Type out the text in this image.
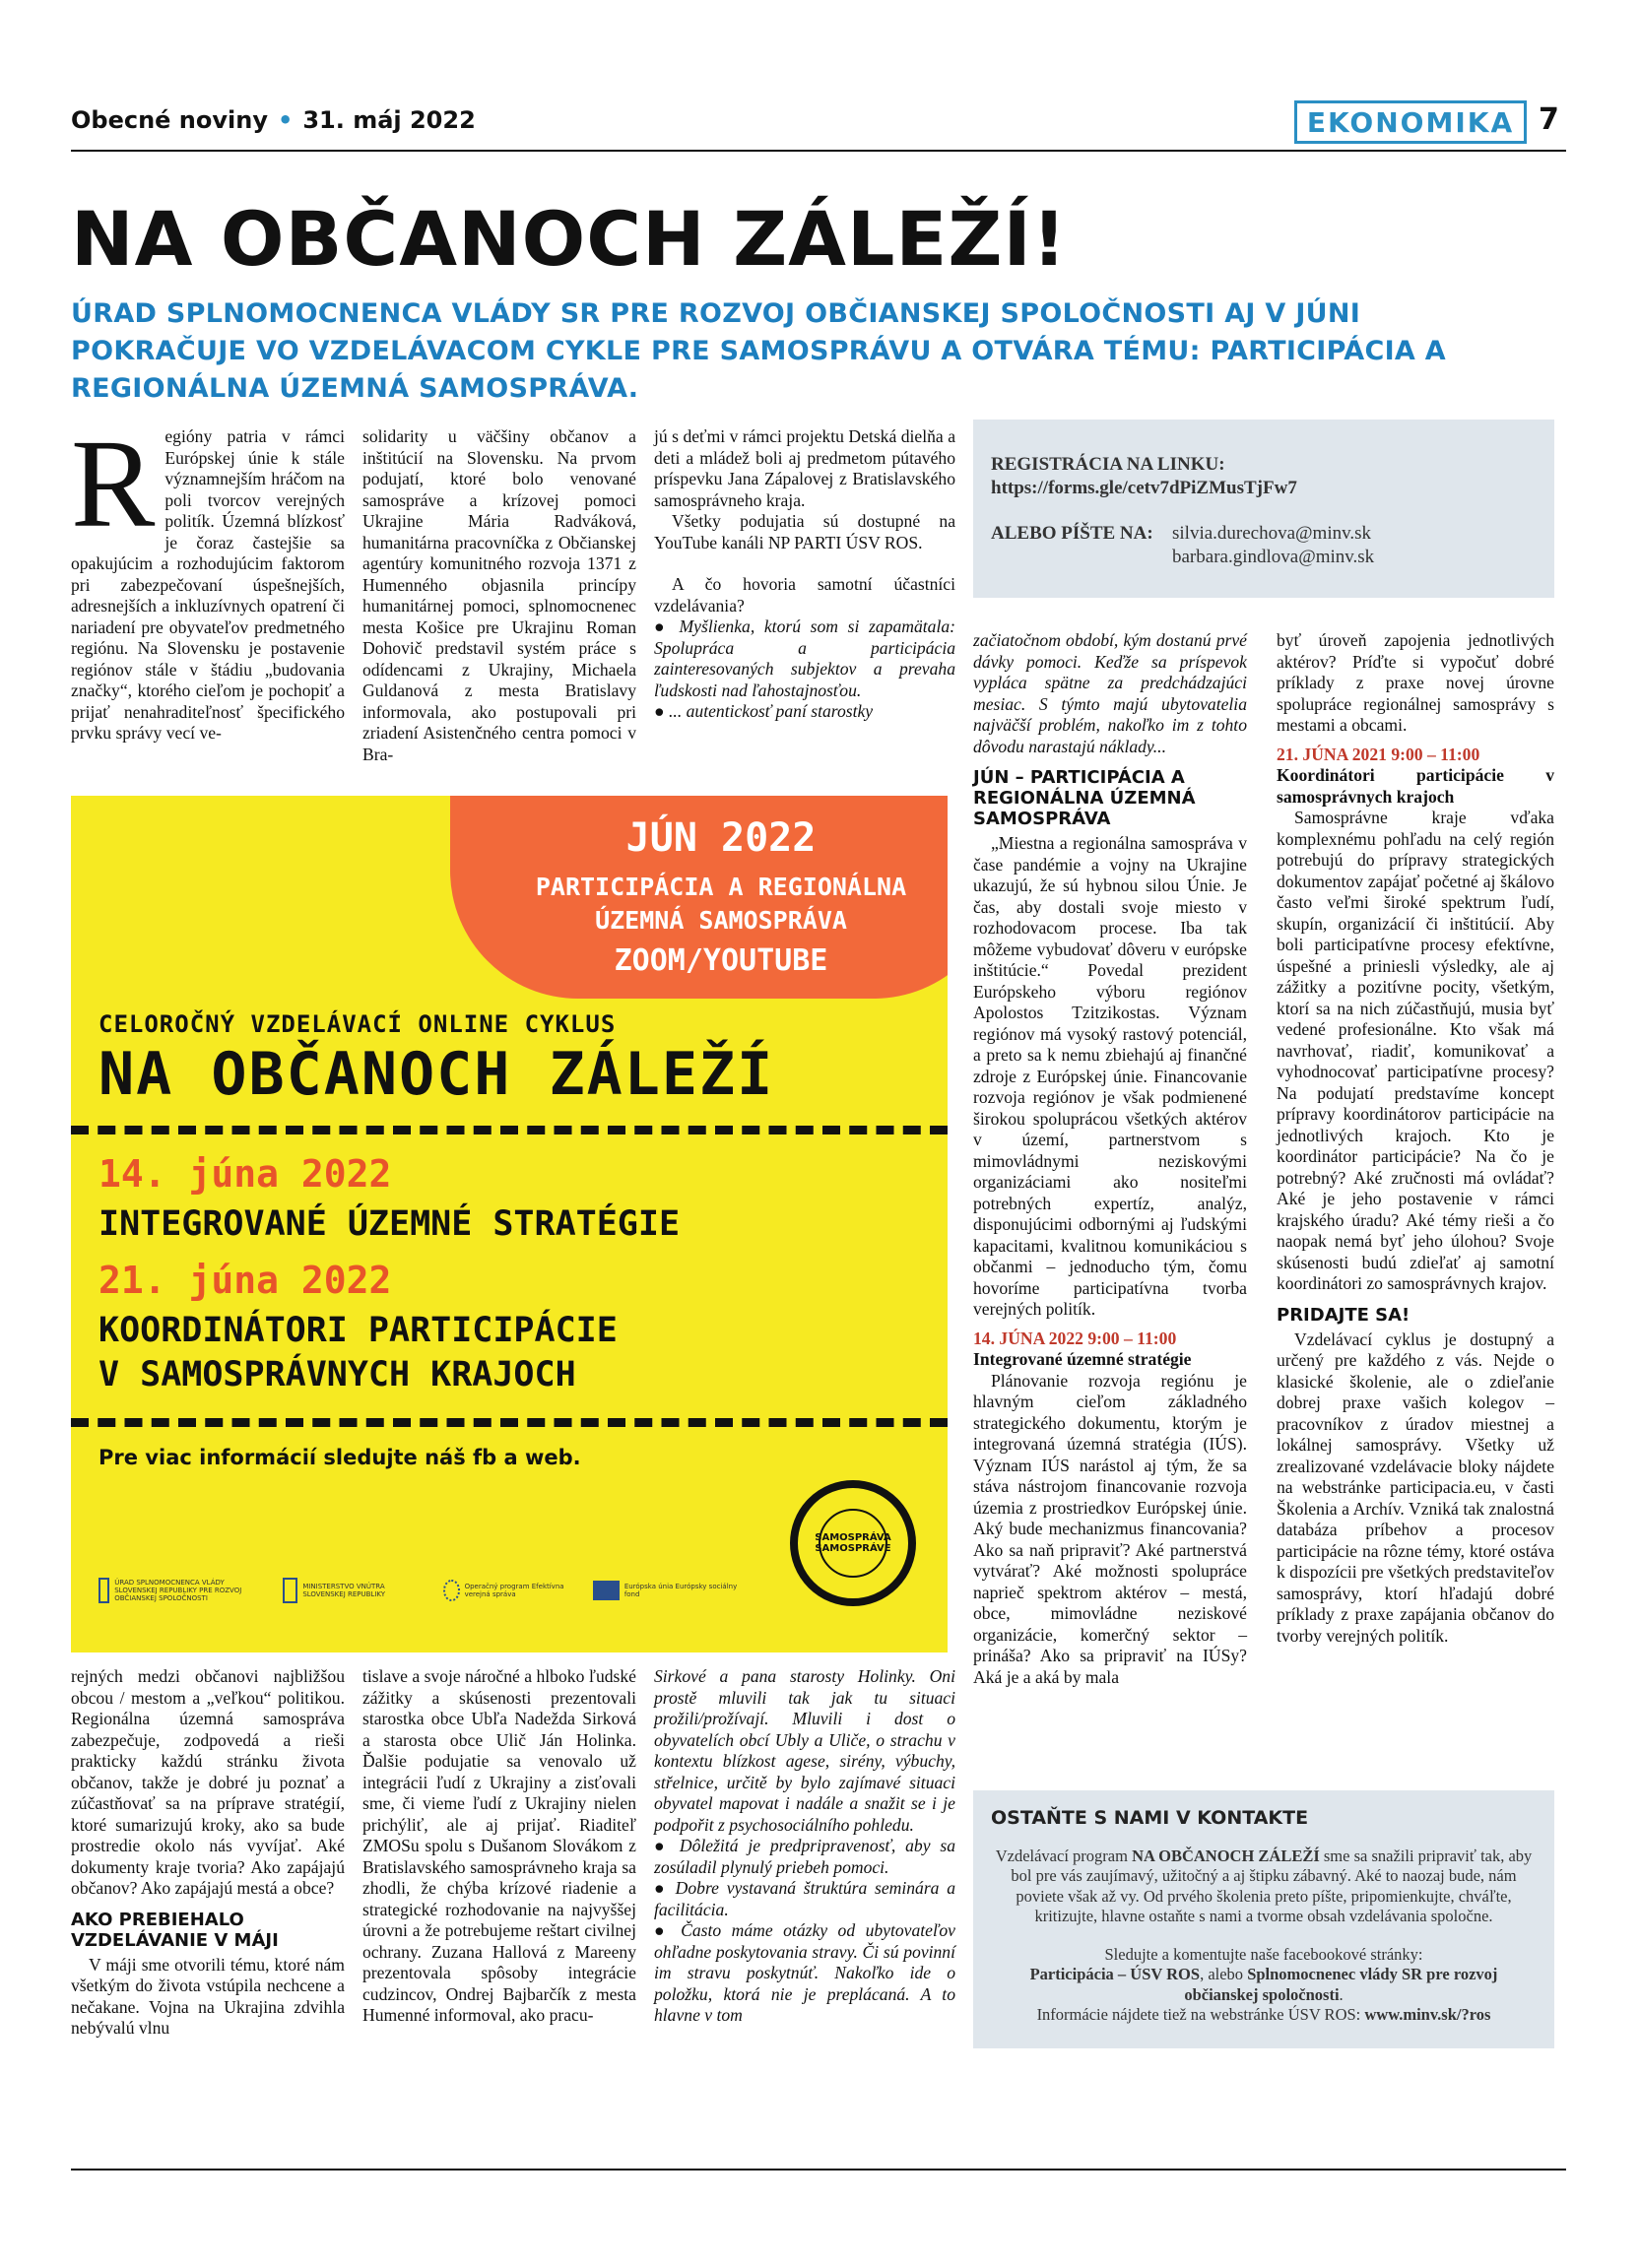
Obecné noviny • 31. máj 2022	EKONOMIKA 7
NA OBČANOCH ZÁLEŽÍ!
ÚRAD SPLNOMOCNENCA VLÁDY SR PRE ROZVOJ OBČIANSKEJ SPOLOČNOSTI AJ V JÚNI POKRAČUJE VO VZDELÁVACOM CYKLE PRE SAMOSPRÁVU A OTVÁRA TÉMU: PARTICIPÁCIA A REGIONÁLNA ÚZEMNÁ SAMOSPRÁVA.
R egióny patria v rámci Európskej únie k stále významnejším hráčom na poli tvorcov verejných politík. Územná blízkosť je čoraz častejšie sa opakujúcim a rozhodujúcim faktorom pri zabezpečovaní úspešnejších, adresnejších a inkluzívnych opatrení či nariadení pre obyvateľov predmetného regiónu. Na Slovensku je postavenie regiónov stále v štádiu „budovania značky“, ktorého cieľom je pochopiť a prijať nenahraditeľnosť špecifického prvku správy vecí ve-

solidarity u väčšiny občanov a inštitúcií na Slovensku. Na prvom podujatí, ktoré bolo venované samospráve a krízovej pomoci Ukrajine Mária Radváková, humanitárna pracovníčka z Občianskej agentúry komunitného rozvoja 1371 z Humenného objasnila princípy humanitárnej pomoci, splnomocnenec mesta Košice pre Ukrajinu Roman Dohovič predstavil systém práce s odídencami z Ukrajiny, Michaela Guldanová z mesta Bratislavy informovala, ako postupovali pri zriadení Asistenčného centra pomoci v Bra-

jú s deťmi v rámci projektu Detská dielňa a deti a mládež boli aj predmetom pútavého príspevku Jana Zápalovej z Bratislavského samosprávneho kraja.

Všetky podujatia sú dostupné na YouTube kanáli NP PARTI ÚSV ROS.

A čo hovoria samotní účastníci vzdelávania?

● Myšlienka, ktorú som si zapamätala: Spolupráca a participácia zainteresovaných subjektov a prevaha ľudskosti nad ľahostajnosťou.

● ... autentickosť paní starostky

REGISTRÁCIA NA LINKU:
https://forms.gle/cetv7dPiZMusTjFw7
ALEBO PÍŠTE NA:	silvia.durechova@minv.sk
barbara.gindlova@minv.sk
JÚN 2022
PARTICIPÁCIA A REGIONÁLNA
ÚZEMNÁ SAMOSPRÁVA
ZOOM/YOUTUBE
CELOROČNÝ VZDELÁVACÍ ONLINE CYKLUS
NA OBČANOCH ZÁLEŽÍ
14. júna 2022
INTEGROVANÉ ÚZEMNÉ STRATÉGIE
21. júna 2022
KOORDINÁTORI PARTICIPÁCIE
V SAMOSPRÁVNYCH KRAJOCH
Pre viac informácií sledujte náš fb a web.
SAMOSPRÁVA SAMOSPRÁVE
ÚRAD SPLNOMOCNENCA VLÁDY SLOVENSKEJ REPUBLIKY PRE ROZVOJ OBČIANSKEJ SPOLOČNOSTI
MINISTERSTVO VNÚTRA SLOVENSKEJ REPUBLIKY
Operačný program Efektívna verejná správa
Európska únia Európsky sociálny fond

začiatočnom období, kým dostanú prvé dávky pomoci. Keďže sa príspevok vypláca spätne za predchádzajúci mesiac. S týmto majú ubytovatelia najväčší problém, nakoľko im z tohto dôvodu narastajú náklady...

JÚN – PARTICIPÁCIA A REGIONÁLNA ÚZEMNÁ SAMOSPRÁVA

„Miestna a regionálna samospráva v čase pandémie a vojny na Ukrajine ukazujú, že sú hybnou silou Únie. Je čas, aby dostali svoje miesto v rozhodovacom procese. Iba tak môžeme vybudovať dôveru v európske inštitúcie.“ Povedal prezident Európskeho výboru regiónov Apolostos Tzitzikostas. Význam regiónov má vysoký rastový potenciál, a preto sa k nemu zbiehajú aj finančné zdroje z Európskej únie. Financovanie rozvoja regiónov je však podmienené širokou spoluprácou všetkých aktérov v území, partnerstvom s mimovládnymi neziskovými organizáciami ako nositeľmi potrebných expertíz, analýz, disponujúcimi odbornými aj ľudskými kapacitami, kvalitnou komunikáciou s občanmi – jednoducho tým, čomu hovoríme participatívna tvorba verejných politík.

14. JÚNA 2022 9:00 – 11:00
Integrované územné stratégie

Plánovanie rozvoja regiónu je hlavným cieľom základného strategického dokumentu, ktorým je integrovaná územná stratégia (IÚS). Význam IÚS narástol aj tým, že sa stáva nástrojom financovanie rozvoja územia z prostriedkov Európskej únie. Aký bude mechanizmus financovania? Ako sa naň pripraviť? Aké partnerstvá vytvárať? Aké možnosti spolupráce naprieč spektrom aktérov – mestá, obce, mimovládne neziskové organizácie, komerčný sektor – prináša? Ako sa pripraviť na IÚSy? Aká je a aká by mala

byť úroveň zapojenia jednotlivých aktérov? Príďte si vypočuť dobré príklady z praxe novej úrovne spolupráce regionálnej samosprávy s mestami a obcami.

21. JÚNA 2021 9:00 – 11:00
Koordinátori participácie v samosprávnych krajoch

Samosprávne kraje vďaka komplexnému pohľadu na celý región potrebujú do prípravy strategických dokumentov zapájať početné aj škálovo často veľmi široké spektrum ľudí, skupín, organizácií či inštitúcií. Aby boli participatívne procesy efektívne, úspešné a priniesli výsledky, ale aj zážitky a pozitívne pocity, všetkým, ktorí sa na nich zúčastňujú, musia byť vedené profesionálne. Kto však má navrhovať, riadiť, komunikovať a vyhodnocovať participatívne procesy? Na podujatí predstavíme koncept prípravy koordinátorov participácie na jednotlivých krajoch. Kto je koordinátor participácie? Na čo je potrebný? Aké zručnosti má ovládať? Aké je jeho postavenie v rámci krajského úradu? Aké témy rieši a čo naopak nemá byť jeho úlohou? Svoje skúsenosti budú zdieľať aj samotní koordinátori zo samosprávnych krajov.

PRIDAJTE SA!

Vzdelávací cyklus je dostupný a určený pre každého z vás. Nejde o klasické školenie, ale o zdieľanie dobrej praxe vašich kolegov – pracovníkov z úradov miestnej a lokálnej samosprávy. Všetky už zrealizované vzdelávacie bloky nájdete na webstránke participacia.eu, v časti Školenia a Archív. Vzniká tak znalostná databáza príbehov a procesov participácie na rôzne témy, ktoré ostáva k dispozícii pre všetkých predstaviteľov samosprávy, ktorí hľadajú dobré príklady z praxe zapájania občanov do tvorby verejných politík.

rejných medzi občanovi najbližšou obcou / mestom a „veľkou“ politikou. Regionálna územná samospráva zabezpečuje, zodpovedá a rieši prakticky každú stránku života občanov, takže je dobré ju poznať a zúčastňovať sa na príprave stratégií, ktoré sumarizujú kroky, ako sa bude prostredie okolo nás vyvíjať. Aké dokumenty kraje tvoria? Ako zapájajú občanov? Ako zapájajú mestá a obce?

AKO PREBIEHALO VZDELÁVANIE V MÁJI

V máji sme otvorili tému, ktoré nám všetkým do života vstúpila nechcene a nečakane. Vojna na Ukrajina zdvihla nebývalú vlnu

tislave a svoje náročné a hlboko ľudské zážitky a skúsenosti prezentovali starostka obce Ubľa Nadežda Sirková a starosta obce Ulič Ján Holinka. Ďalšie podujatie sa venovalo už integrácii ľudí z Ukrajiny a zisťovali sme, či vieme ľudí z Ukrajiny nielen prichýliť, ale aj prijať. Riaditeľ ZMOSu spolu s Dušanom Slovákom z Bratislavského samosprávneho kraja sa zhodli, že chýba krízové riadenie a strategické rozhodovanie na najvyššej úrovni a že potrebujeme reštart civilnej ochrany. Zuzana Hallová z Mareeny prezentovala spôsoby integrácie cudzincov, Ondrej Bajbarčík z mesta Humenné informoval, ako pracu-

Sirkové a pana starosty Holinky. Oni prostě mluvili tak jak tu situaci prožili/prožívají. Mluvili i dost o obyvatelích obcí Ubly a Uliče, o strachu v kontextu blízkost agese, sirény, výbuchy, střelnice, určitě by bylo zajímavé situaci obyvatel mapovat i nadále a snažit se i je podpořit z psychosociálního pohledu.

● Dôležitá je predpripravenosť, aby sa zosúladil plynulý priebeh pomoci.

● Dobre vystavaná štruktúra seminára a facilitácia.

● Často máme otázky od ubytovateľov ohľadne poskytovania stravy. Či sú povinní im stravu poskytnúť. Nakoľko ide o položku, ktorá nie je preplácaná. A to hlavne v tom

OSTAŇTE S NAMI V KONTAKTE

Vzdelávací program NA OBČANOCH ZÁLEŽÍ sme sa snažili pripraviť tak, aby bol pre vás zaujímavý, užitočný a aj štipku zábavný. Aké to naozaj bude, nám poviete však až vy. Od prvého školenia preto píšte, pripomienkujte, chváľte, kritizujte, hlavne ostaňte s nami a tvorme obsah vzdelávania spoločne.

Sledujte a komentujte naše facebookové stránky:
Participácia – ÚSV ROS, alebo Splnomocnenec vlády SR pre rozvoj občianskej spoločnosti.
Informácie nájdete tiež na webstránke ÚSV ROS: www.minv.sk/?ros
